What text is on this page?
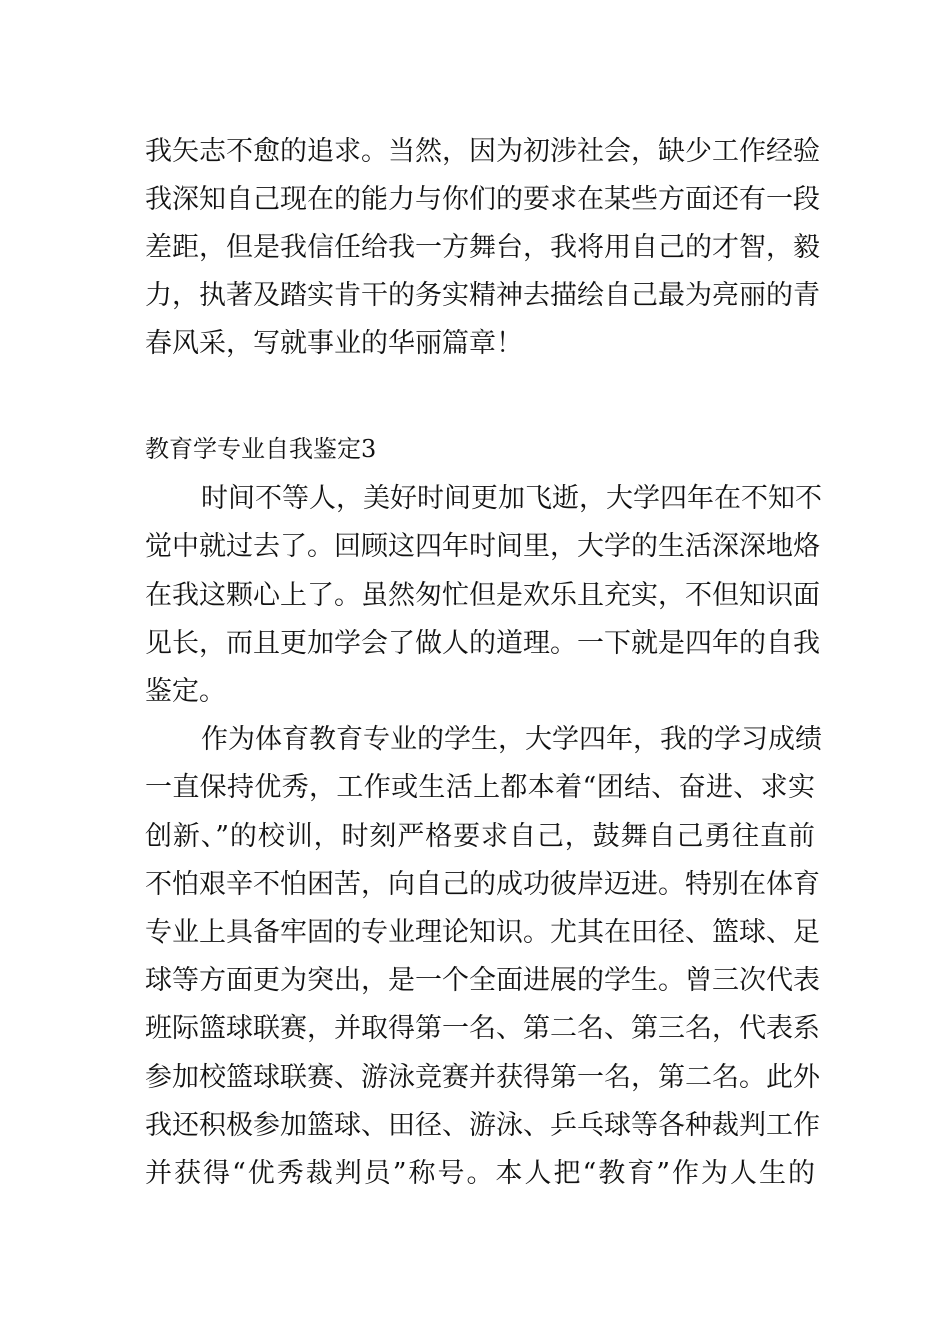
我矢志不愈的追求。当然，因为初涉社会，缺少工作经验
我深知自己现在的能力与你们的要求在某些方面还有一段
差距，但是我信任给我一方舞台，我将用自己的才智，毅
力，执著及踏实肯干的务实精神去描绘自己最为亮丽的青
春风采，写就事业的华丽篇章！
教育学专业自我鉴定3
时间不等人，美好时间更加飞逝，大学四年在不知不
觉中就过去了。回顾这四年时间里，大学的生活深深地烙
在我这颗心上了。虽然匆忙但是欢乐且充实，不但知识面
见长，而且更加学会了做人的道理。一下就是四年的自我
鉴定。
作为体育教育专业的学生，大学四年，我的学习成绩
一直保持优秀，工作或生活上都本着“团结、奋进、求实
创新、”的校训，时刻严格要求自己，鼓舞自己勇往直前
不怕艰辛不怕困苦，向自己的成功彼岸迈进。特别在体育
专业上具备牢固的专业理论知识。尤其在田径、篮球、足
球等方面更为突出，是一个全面进展的学生。曾三次代表
班际篮球联赛，并取得第一名、第二名、第三名，代表系
参加校篮球联赛、游泳竞赛并获得第一名，第二名。此外
我还积极参加篮球、田径、游泳、乒乓球等各种裁判工作
并获得“优秀裁判员”称号。本人把“教育”作为人生的
